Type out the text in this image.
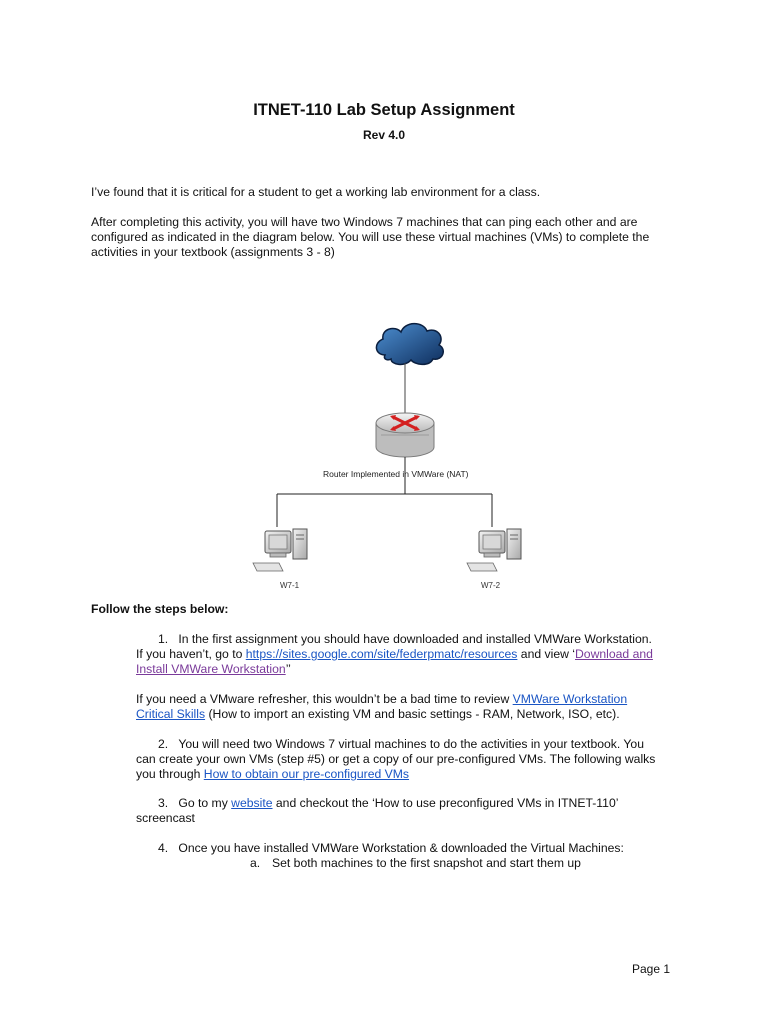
ITNET-110 Lab Setup Assignment
Rev 4.0
I’ve found that it is critical for a student to get a working lab environment for a class.
After completing this activity, you will have two Windows 7 machines that can ping each other and are
configured as indicated in the diagram below. You will use these virtual machines (VMs) to complete the
activities in your textbook (assignments 3 - 8)
Router Implemented in VMWare (NAT)
W7-1	W7-2
Follow the steps below:
1. In the first assignment you should have downloaded and installed VMWare Workstation.
If you haven’t, go to https://sites.google.com/site/federpmatc/resources and view ‘Download and
Install VMWare Workstation’’
If you need a VMware refresher, this wouldn’t be a bad time to review VMWare Workstation
Critical Skills (How to import an existing VM and basic settings - RAM, Network, ISO, etc).
2. You will need two Windows 7 virtual machines to do the activities in your textbook. You
can create your own VMs (step #5) or get a copy of our pre-configured VMs. The following walks
you through How to obtain our pre-configured VMs
3. Go to my website and checkout the ‘How to use preconfigured VMs in ITNET-110’
screencast
4. Once you have installed VMWare Workstation & downloaded the Virtual Machines:
a. Set both machines to the first snapshot and start them up
Page 1
